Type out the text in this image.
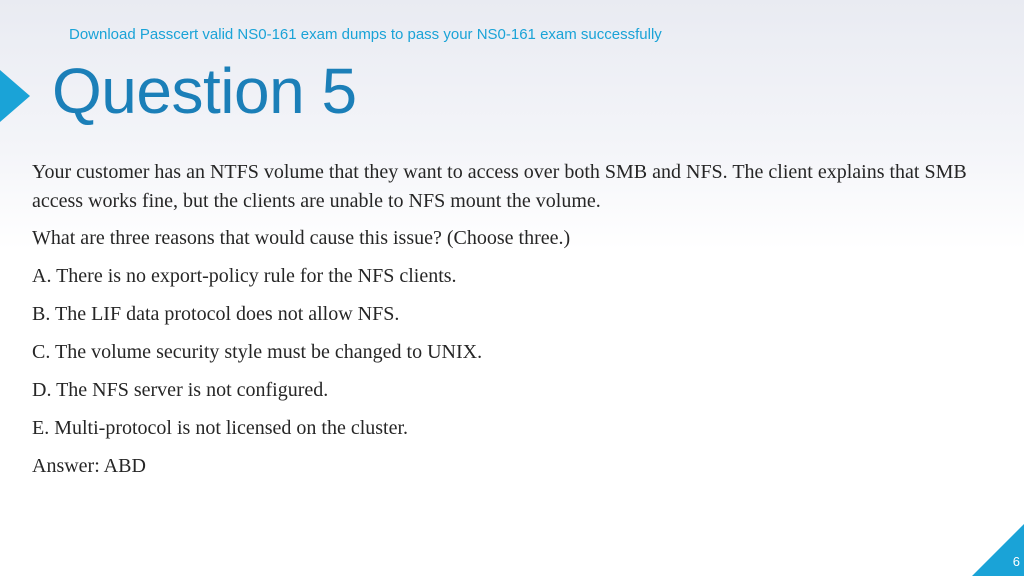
Download Passcert valid NS0-161 exam dumps to pass your NS0-161 exam successfully
Question 5

Your customer has an NTFS volume that they want to access over both SMB and NFS. The client explains that SMB access works fine, but the clients are unable to NFS mount the volume.

What are three reasons that would cause this issue? (Choose three.)

A. There is no export-policy rule for the NFS clients.

B. The LIF data protocol does not allow NFS.

C. The volume security style must be changed to UNIX.

D. The NFS server is not configured.

E. Multi-protocol is not licensed on the cluster.

Answer: ABD

6
